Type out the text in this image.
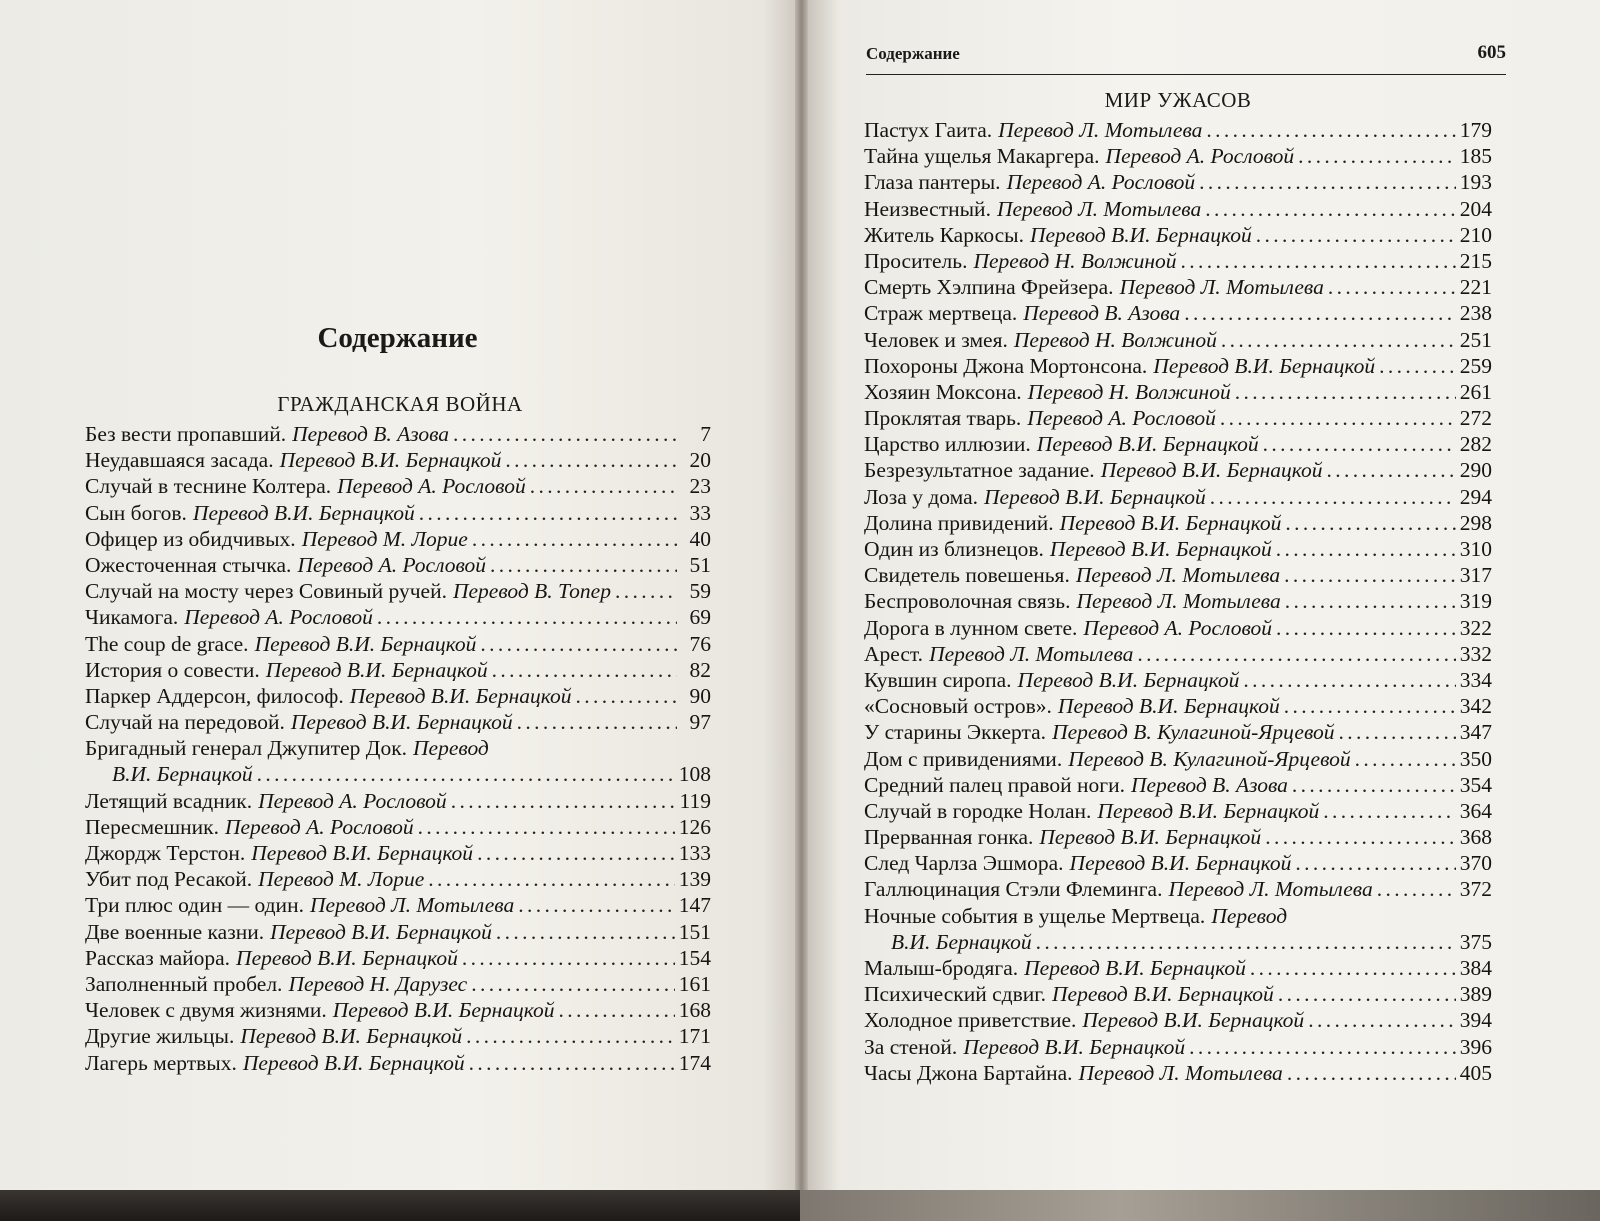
Содержание
ГРАЖДАНСКАЯ ВОЙНА
Без вести пропавший. Перевод В. Азова . . .	7
Неудавшаяся засада. Перевод В.И. Бернацкой . . .	20
Случай в теснине Колтера. Перевод А. Рословой . . .	23
Сын богов. Перевод В.И. Бернацкой . . .	33
Офицер из обидчивых. Перевод М. Лорие . . .	40
Ожесточенная стычка. Перевод А. Рословой . . .	51
Случай на мосту через Совиный ручей. Перевод В. Топер . . .	59
Чикамога. Перевод А. Рословой . . .	69
The coup de grace. Перевод В.И. Бернацкой . . .	76
История о совести. Перевод В.И. Бернацкой . . .	82
Паркер Аддерсон, философ. Перевод В.И. Бернацкой . . .	90
Случай на передовой. Перевод В.И. Бернацкой . . .	97
Бригадный генерал Джупитер Док. Перевод
В.И. Бернацкой . . .	108
Летящий всадник. Перевод А. Рословой . . .	119
Пересмешник. Перевод А. Рословой . . .	126
Джордж Терстон. Перевод В.И. Бернацкой . . .	133
Убит под Ресакой. Перевод М. Лорие . . .	139
Три плюс один — один. Перевод Л. Мотылева . . .	147
Две военные казни. Перевод В.И. Бернацкой . . .	151
Рассказ майора. Перевод В.И. Бернацкой . . .	154
Заполненный пробел. Перевод Н. Дарузес . . .	161
Человек с двумя жизнями. Перевод В.И. Бернацкой . . .	168
Другие жильцы. Перевод В.И. Бернацкой . . .	171
Лагерь мертвых. Перевод В.И. Бернацкой . . .	174
Содержание	605
МИР УЖАСОВ
Пастух Гаита. Перевод Л. Мотылева . . .	179
Тайна ущелья Макаргера. Перевод А. Рословой . . .	185
Глаза пантеры. Перевод А. Рословой . . .	193
Неизвестный. Перевод Л. Мотылева . . .	204
Житель Каркосы. Перевод В.И. Бернацкой . . .	210
Проситель. Перевод Н. Волжиной . . .	215
Смерть Хэлпина Фрейзера. Перевод Л. Мотылева . . .	221
Страж мертвеца. Перевод В. Азова . . .	238
Человек и змея. Перевод Н. Волжиной . . .	251
Похороны Джона Мортонсона. Перевод В.И. Бернацкой . . .	259
Хозяин Моксона. Перевод Н. Волжиной . . .	261
Проклятая тварь. Перевод А. Рословой . . .	272
Царство иллюзии. Перевод В.И. Бернацкой . . .	282
Безрезультатное задание. Перевод В.И. Бернацкой . . .	290
Лоза у дома. Перевод В.И. Бернацкой . . .	294
Долина привидений. Перевод В.И. Бернацкой . . .	298
Один из близнецов. Перевод В.И. Бернацкой . . .	310
Свидетель повешенья. Перевод Л. Мотылева . . .	317
Беспроволочная связь. Перевод Л. Мотылева . . .	319
Дорога в лунном свете. Перевод А. Рословой . . .	322
Арест. Перевод Л. Мотылева . . .	332
Кувшин сиропа. Перевод В.И. Бернацкой . . .	334
«Сосновый остров». Перевод В.И. Бернацкой . . .	342
У старины Эккерта. Перевод В. Кулагиной-Ярцевой . . .	347
Дом с привидениями. Перевод В. Кулагиной-Ярцевой . . .	350
Средний палец правой ноги. Перевод В. Азова . . .	354
Случай в городке Нолан. Перевод В.И. Бернацкой . . .	364
Прерванная гонка. Перевод В.И. Бернацкой . . .	368
След Чарлза Эшмора. Перевод В.И. Бернацкой . . .	370
Галлюцинация Стэли Флеминга. Перевод Л. Мотылева . . .	372
Ночные события в ущелье Мертвеца. Перевод
В.И. Бернацкой . . .	375
Малыш-бродяга. Перевод В.И. Бернацкой . . .	384
Психический сдвиг. Перевод В.И. Бернацкой . . .	389
Холодное приветствие. Перевод В.И. Бернацкой . . .	394
За стеной. Перевод В.И. Бернацкой . . .	396
Часы Джона Бартайна. Перевод Л. Мотылева . . .	405
